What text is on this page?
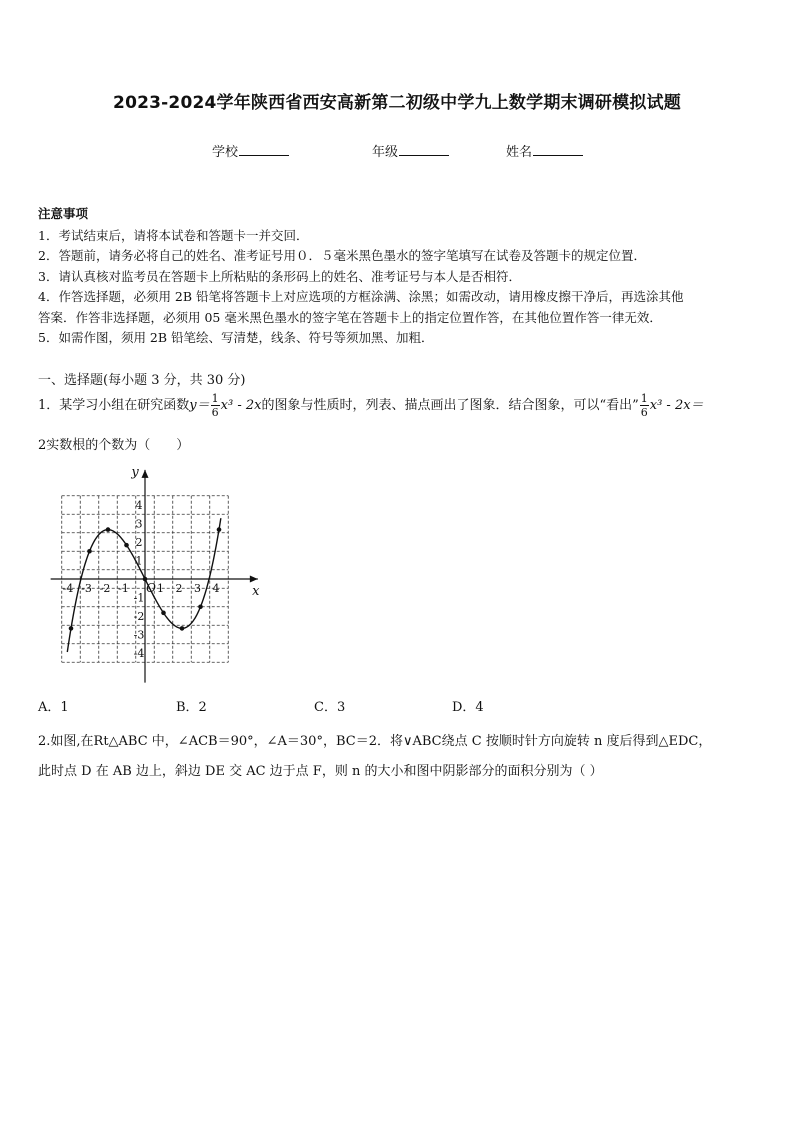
2023-2024学年陕西省西安高新第二初级中学九上数学期末调研模拟试题
学校	年级	姓名

注意事项

1．考试结束后，请将本试卷和答题卡一并交回．

2．答题前，请务必将自己的姓名、准考证号用０．５毫米黑色墨水的签字笔填写在试卷及答题卡的规定位置．

3．请认真核对监考员在答题卡上所粘贴的条形码上的姓名、准考证号与本人是否相符．

4．作答选择题，必须用 2B 铅笔将答题卡上对应选项的方框涂满、涂黑；如需改动，请用橡皮擦干净后，再选涂其他

答案．作答非选择题，必须用 05 毫米黑色墨水的签字笔在答题卡上的指定位置作答，在其他位置作答一律无效．

5．如需作图，须用 2B 铅笔绘、写清楚，线条、符号等须加黑、加粗．

一、选择题(每小题 3 分，共 30 分)
1．某学习小组在研究函数$y= \frac{1}{6} x^3 - 2x$的图象与性质时，列表、描点画出了图象．结合图象，可以“看出” $\frac{1}{6} x^3 - 2x=$
2实数根的个数为（　　）
-4 -3 -2 -1	1 2 3 4
4
3
2
1
-1
-2
-3
-4
O	x
y
A．1	B．2	C．3	D．4
2.如图,在Rt△ABC 中，∠ACB＝90°，∠A＝30°，BC＝2．将∨ABC绕点 C 按顺时针方向旋转 n 度后得到△EDC，
此时点 D 在 AB 边上，斜边 DE 交 AC 边于点 F，则 n 的大小和图中阴影部分的面积分别为（ ）
